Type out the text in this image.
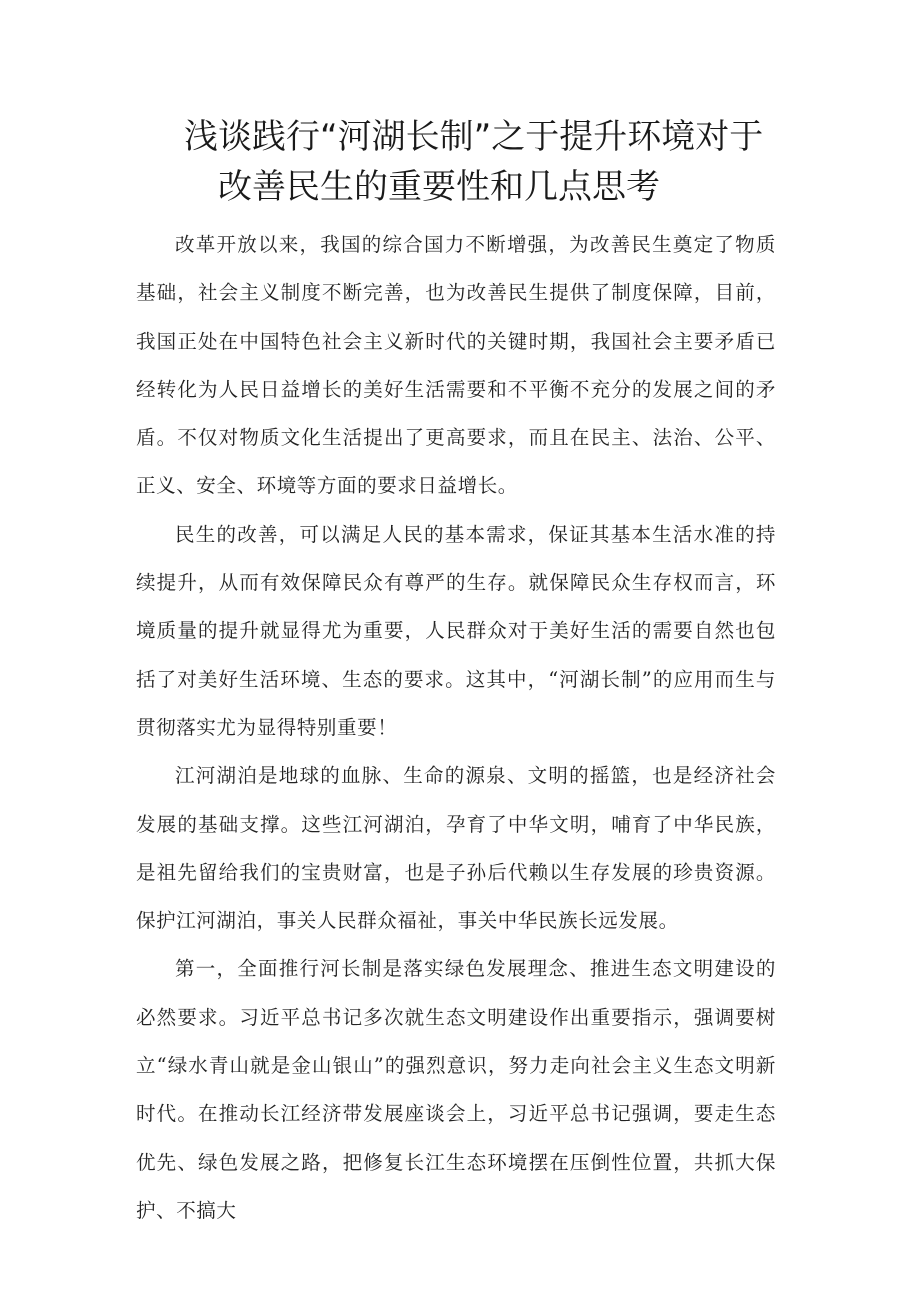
浅谈践行“河湖长制”之于提升环境对于
改善民生的重要性和几点思考

改革开放以来，我国的综合国力不断增强，为改善民生奠定了物质基础，社会主义制度不断完善，也为改善民生提供了制度保障，目前，我国正处在中国特色社会主义新时代的关键时期，我国社会主要矛盾已经转化为人民日益增长的美好生活需要和不平衡不充分的发展之间的矛盾。不仅对物质文化生活提出了更高要求，而且在民主、法治、公平、正义、安全、环境等方面的要求日益增长。

民生的改善，可以满足人民的基本需求，保证其基本生活水准的持续提升，从而有效保障民众有尊严的生存。就保障民众生存权而言，环境质量的提升就显得尤为重要，人民群众对于美好生活的需要自然也包括了对美好生活环境、生态的要求。这其中，“河湖长制”的应用而生与贯彻落实尤为显得特别重要！

江河湖泊是地球的血脉、生命的源泉、文明的摇篮，也是经济社会发展的基础支撑。这些江河湖泊，孕育了中华文明，哺育了中华民族，是祖先留给我们的宝贵财富，也是子孙后代赖以生存发展的珍贵资源。保护江河湖泊，事关人民群众福祉，事关中华民族长远发展。

第一，全面推行河长制是落实绿色发展理念、推进生态文明建设的必然要求。习近平总书记多次就生态文明建设作出重要指示，强调要树立“绿水青山就是金山银山”的强烈意识，努力走向社会主义生态文明新时代。在推动长江经济带发展座谈会上，习近平总书记强调，要走生态优先、绿色发展之路，把修复长江生态环境摆在压倒性位置，共抓大保护、不搞大
